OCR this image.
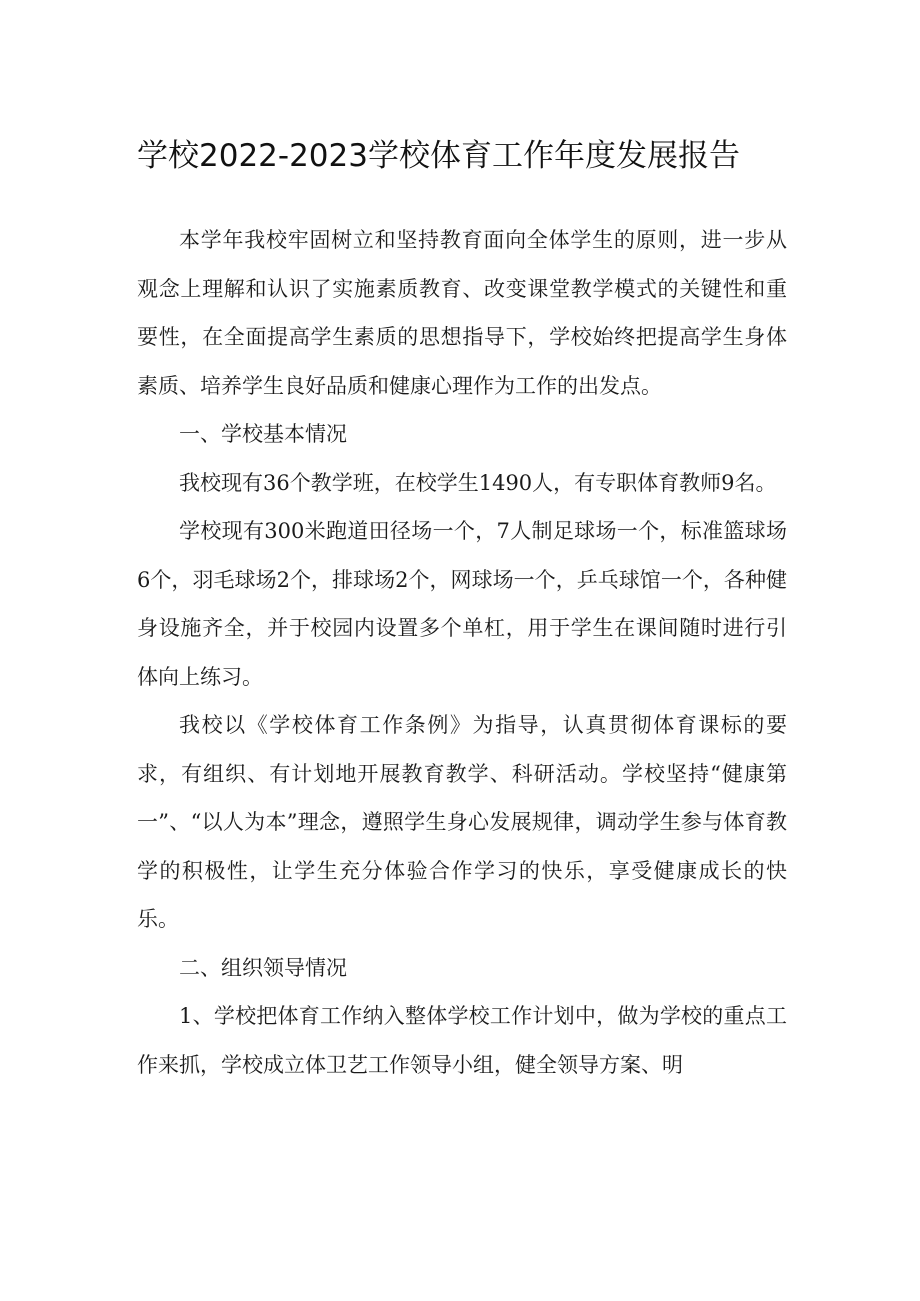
学校2022-2023学校体育工作年度发展报告

本学年我校牢固树立和坚持教育面向全体学生的原则，进一步从观念上理解和认识了实施素质教育、改变课堂教学模式的关键性和重要性，在全面提高学生素质的思想指导下，学校始终把提高学生身体素质、培养学生良好品质和健康心理作为工作的出发点。

一、学校基本情况

我校现有36个教学班，在校学生1490人，有专职体育教师9名。

学校现有300米跑道田径场一个，7人制足球场一个，标准篮球场6个，羽毛球场2个，排球场2个，网球场一个，乒乓球馆一个，各种健身设施齐全，并于校园内设置多个单杠，用于学生在课间随时进行引体向上练习。

我校以《学校体育工作条例》为指导，认真贯彻体育课标的要求，有组织、有计划地开展教育教学、科研活动。学校坚持“健康第一”、“以人为本”理念，遵照学生身心发展规律，调动学生参与体育教学的积极性，让学生充分体验合作学习的快乐，享受健康成长的快乐。

二、组织领导情况

1、学校把体育工作纳入整体学校工作计划中，做为学校的重点工作来抓，学校成立体卫艺工作领导小组，健全领导方案、明
